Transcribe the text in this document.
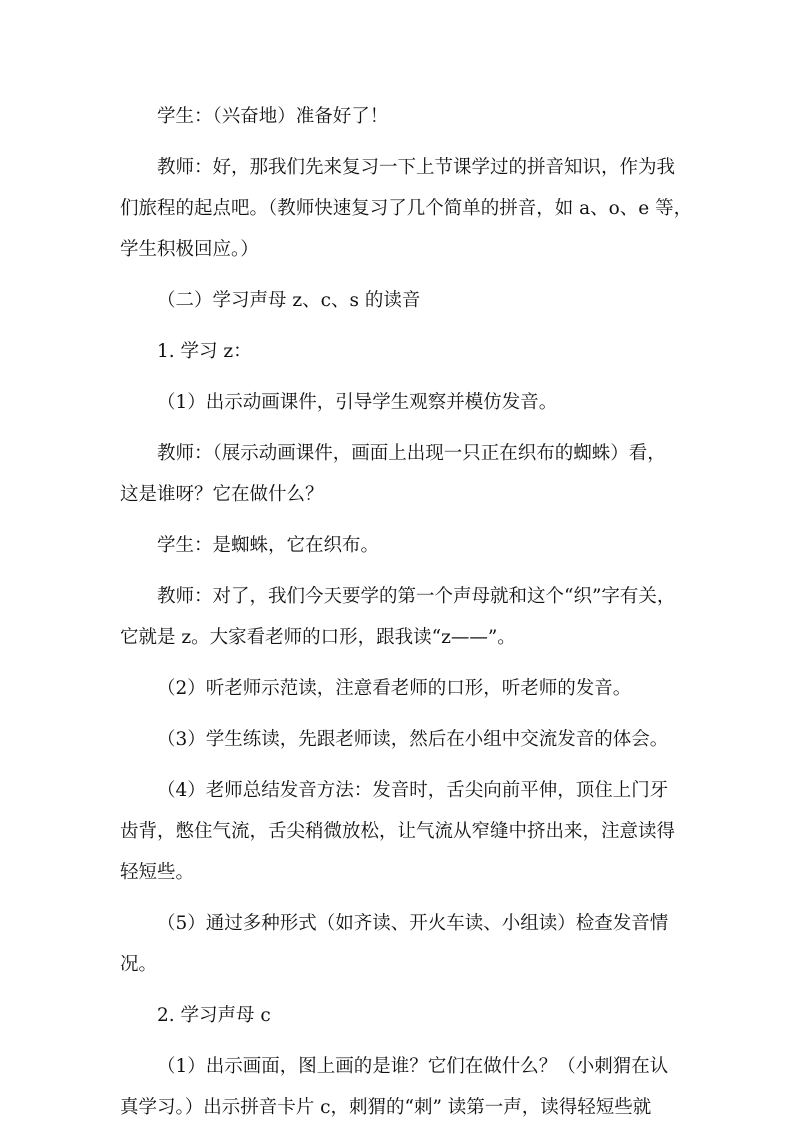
学生：（兴奋地）准备好了！

教师：好，那我们先来复习一下上节课学过的拼音知识，作为我
们旅程的起点吧。（教师快速复习了几个简单的拼音，如 a、o、e 等，
学生积极回应。）

（二）学习声母 z、c、s 的读音

1. 学习 z：

（1）出示动画课件，引导学生观察并模仿发音。

教师：（展示动画课件，画面上出现一只正在织布的蜘蛛）看，
这是谁呀？它在做什么？

学生：是蜘蛛，它在织布。

教师：对了，我们今天要学的第一个声母就和这个“织”字有关，
它就是 z。大家看老师的口形，跟我读“z——”。

（2）听老师示范读，注意看老师的口形，听老师的发音。

（3）学生练读，先跟老师读，然后在小组中交流发音的体会。

（4）老师总结发音方法：发音时，舌尖向前平伸，顶住上门牙
齿背，憋住气流，舌尖稍微放松，让气流从窄缝中挤出来，注意读得
轻短些。

（5）通过多种形式（如齐读、开火车读、小组读）检查发音情
况。

2. 学习声母 c

（1）出示画面，图上画的是谁？它们在做什么？（小刺猬在认
真学习。）出示拼音卡片 c，刺猬的“刺” 读第一声，读得轻短些就
